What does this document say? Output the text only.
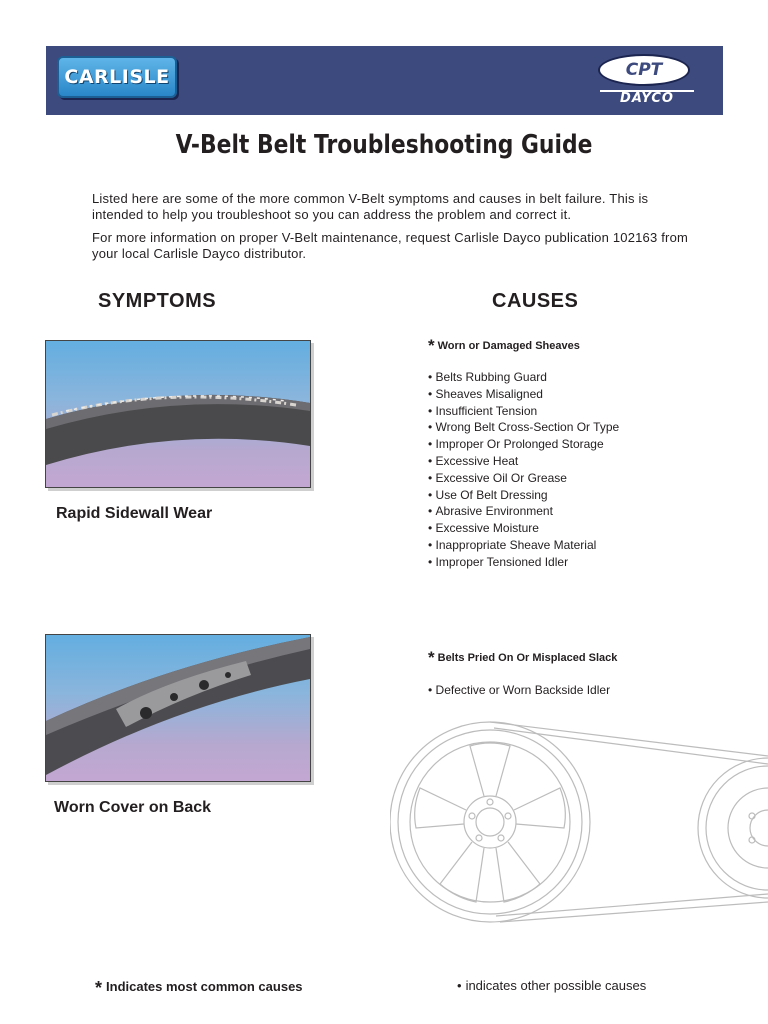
CARLISLE	CPT
DAYCO
V-Belt Belt Troubleshooting Guide
Listed here are some of the more common V-Belt symptoms and causes in belt failure. This is intended to help you troubleshoot so you can address the problem and correct it.
For more information on proper V-Belt maintenance, request Carlisle Dayco publication 102163 from your local Carlisle Dayco distributor.
SYMPTOMS	CAUSES
Rapid Sidewall Wear
Worn Cover on Back
* Worn or Damaged Sheaves
• Belts Rubbing Guard
• Sheaves Misaligned
• Insufficient Tension
• Wrong Belt Cross-Section Or Type
• Improper Or Prolonged Storage
• Excessive Heat
• Excessive Oil Or Grease
• Use Of Belt Dressing
• Abrasive Environment
• Excessive Moisture
• Inappropriate Sheave Material
• Improper Tensioned Idler
* Belts Pried On Or Misplaced Slack
• Defective or Worn Backside Idler
* Indicates most common causes	• indicates other possible causes
